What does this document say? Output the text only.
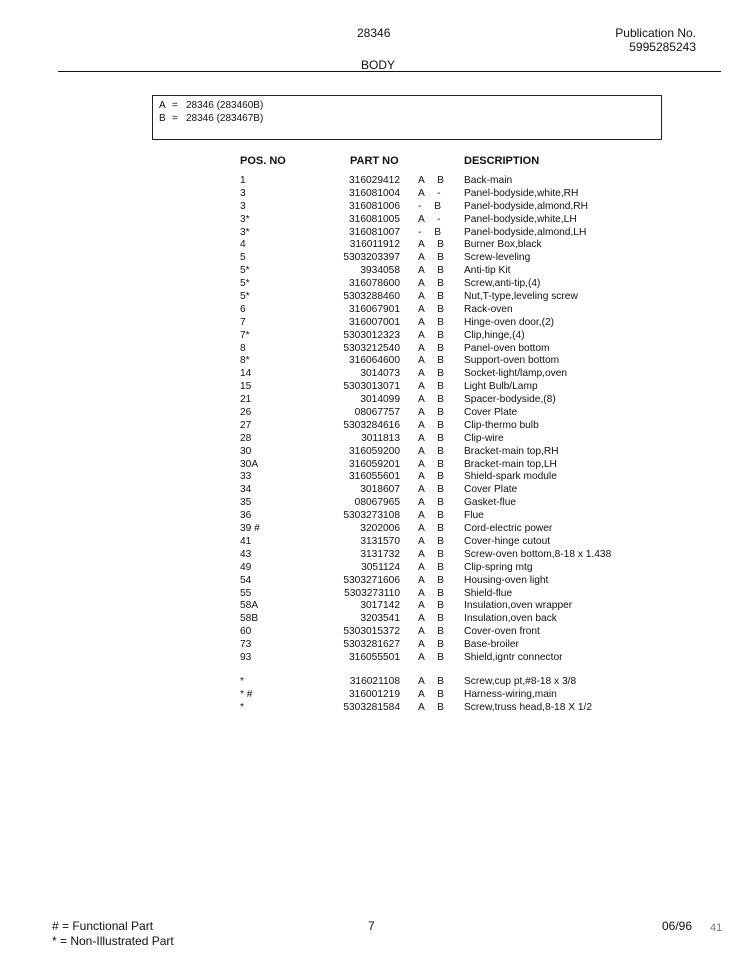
28346	Publication No.
5995285243
BODY
A = 28346 (283460B)
B = 28346 (283467B)
POS. NO	PART NO	DESCRIPTION
1	316029412 A B Back-main
3	316081004 A - Panel-bodyside,white,RH
3	316081006 - B Panel-bodyside,almond,RH
3*	316081005 A - Panel-bodyside,white,LH
3*	316081007 - B Panel-bodyside,almond,LH
4	316011912 A B Burner Box,black
5	5303203397 A B Screw-leveling
5*	3934058 A B Anti-tip Kit
5*	316078600 A B Screw,anti-tip,(4)
5*	5303288460 A B Nut,T-type,leveling screw
6	316067901 A B Rack-oven
7	316007001 A B Hinge-oven door,(2)
7*	5303012323 A B Clip,hinge,(4)
8	5303212540 A B Panel-oven bottom
8*	316064600 A B Support-oven bottom
14	3014073 A B Socket-light/lamp,oven
15	5303013071 A B Light Bulb/Lamp
21	3014099 A B Spacer-bodyside,(8)
26	08067757 A B Cover Plate
27	5303284616 A B Clip-thermo bulb
28	3011813 A B Clip-wire
30	316059200 A B Bracket-main top,RH
30A	316059201 A B Bracket-main top,LH
33	316055601 A B Shield-spark module
34	3018607 A B Cover Plate
35	08067965 A B Gasket-flue
36	5303273108 A B Flue
39 #	3202006 A B Cord-electric power
41	3131570 A B Cover-hinge cutout
43	3131732 A B Screw-oven bottom,8-18 x 1.438
49	3051124 A B Clip-spring mtg
54	5303271606 A B Housing-oven light
55	5303273110 A B Shield-flue
58A	3017142 A B Insulation,oven wrapper
58B	3203541 A B Insulation,oven back
60	5303015372 A B Cover-oven front
73	5303281627 A B Base-broiler
93	316055501 A B Shield,igntr connector
*	316021108 A B Screw,cup pt,#8-18 x 3/8
* #	316001219 A B Harness-wiring,main
*	5303281584 A B Screw,truss head,8-18 X 1/2
# = Functional Part
* = Non-Illustrated Part
7	06/96 41
